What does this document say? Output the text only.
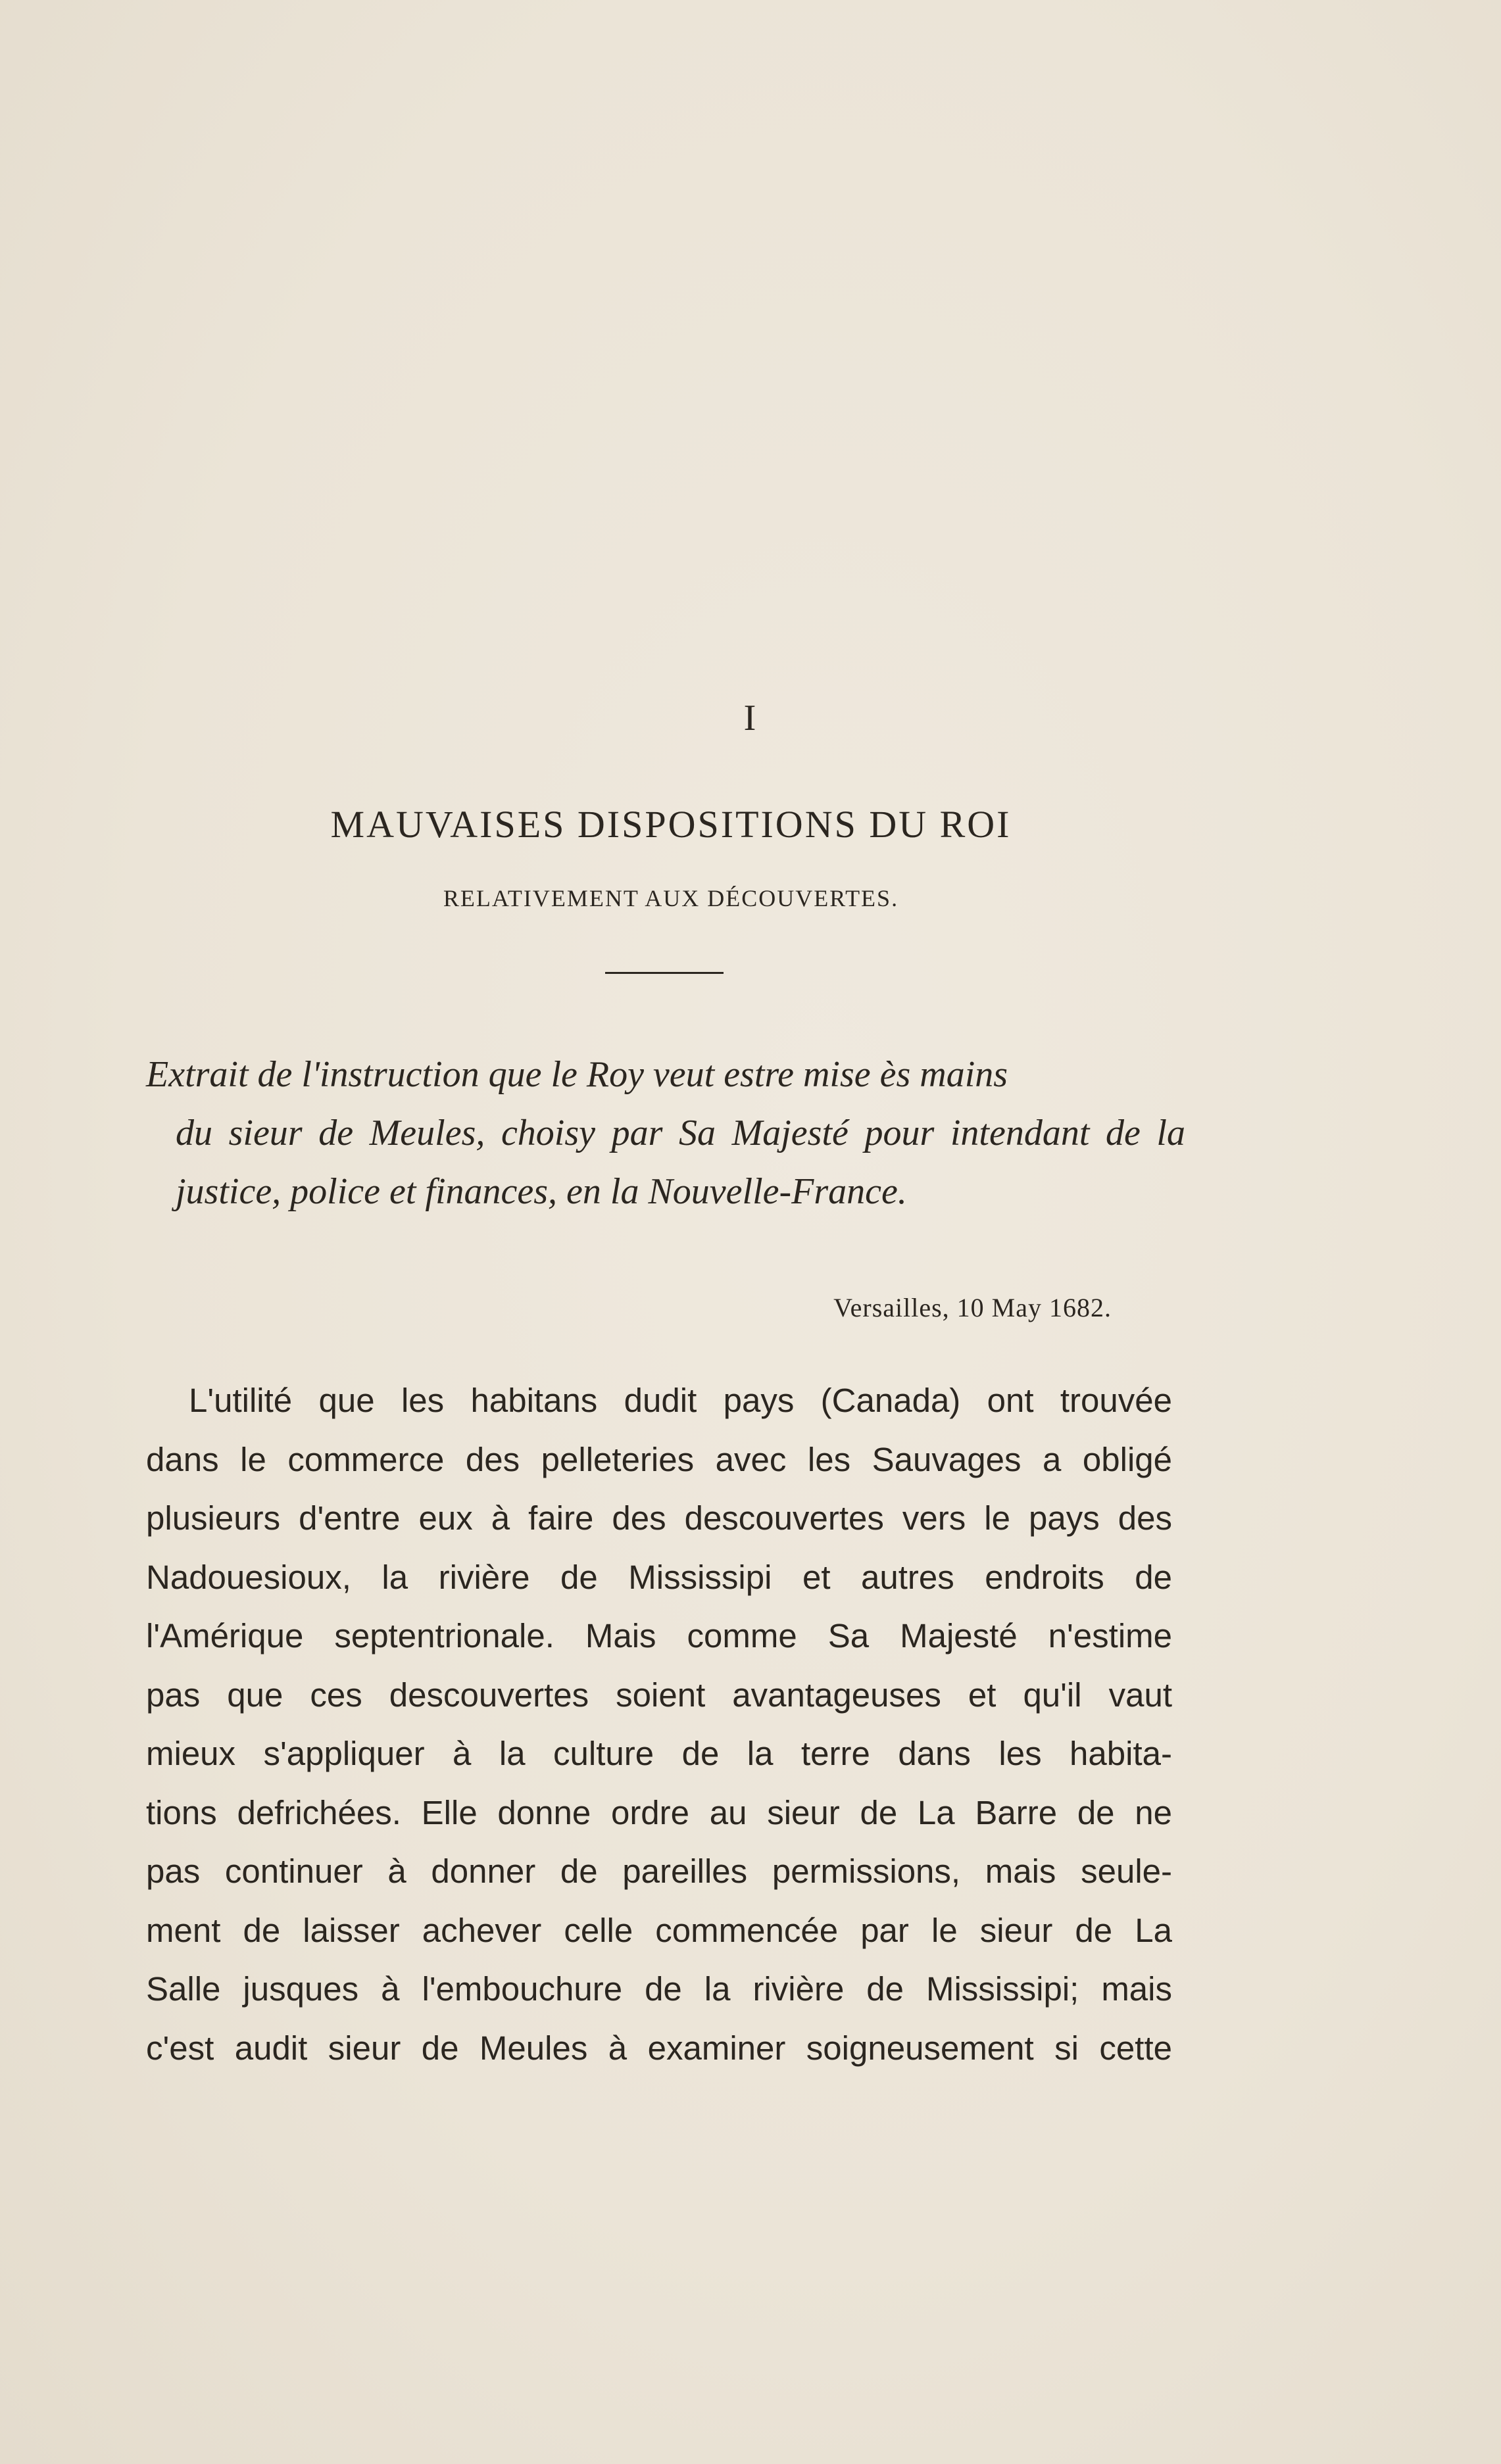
I
MAUVAISES DISPOSITIONS DU ROI
RELATIVEMENT AUX DÉCOUVERTES.
Extrait de l'instruction que le Roy veut estre mise ès mains
du sieur de Meules, choisy par Sa Majesté pour intendant de la justice, police et finances, en la Nouvelle-France.
Versailles, 10 May 1682.
L'utilité que les habitans dudit pays (Canada) ont trouvée
dans le commerce des pelleteries avec les Sauvages a obligé
plusieurs d'entre eux à faire des descouvertes vers le pays des
Nadouesioux, la rivière de Mississipi et autres endroits de
l'Amérique septentrionale. Mais comme Sa Majesté n'estime
pas que ces descouvertes soient avantageuses et qu'il vaut
mieux s'appliquer à la culture de la terre dans les habita-
tions defrichées. Elle donne ordre au sieur de La Barre de ne
pas continuer à donner de pareilles permissions, mais seule-
ment de laisser achever celle commencée par le sieur de La
Salle jusques à l'embouchure de la rivière de Mississipi; mais
c'est audit sieur de Meules à examiner soigneusement si cette
